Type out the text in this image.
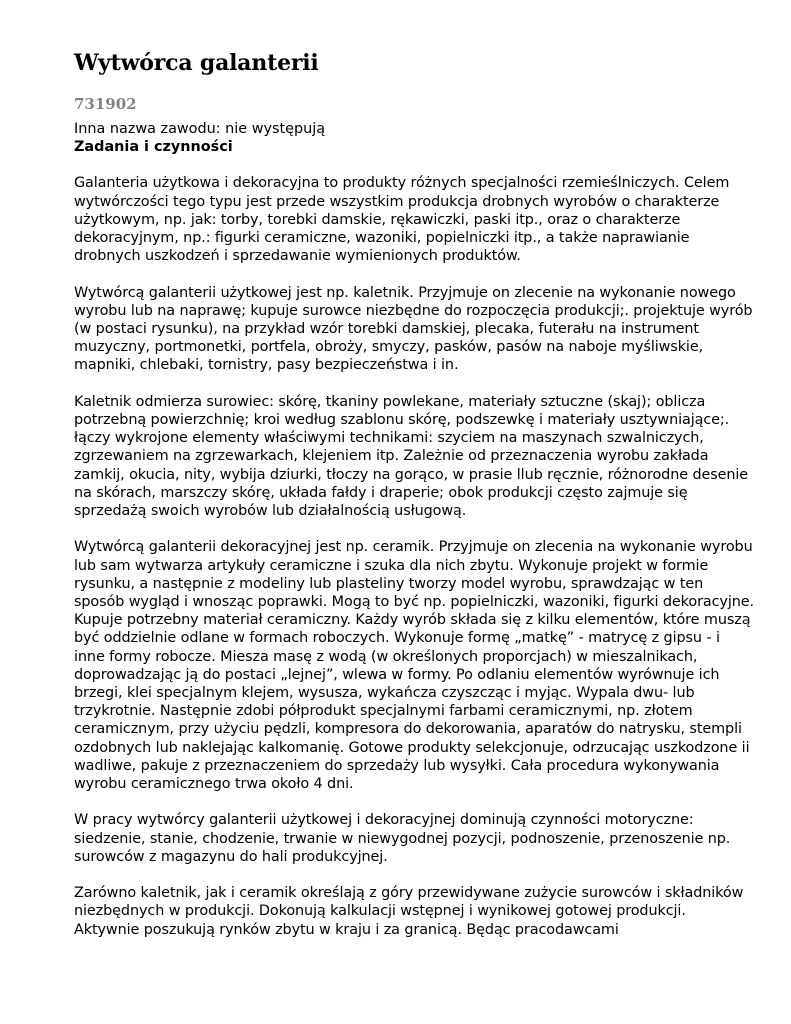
Wytwórca galanterii
731902
Inna nazwa zawodu: nie występują
Zadania i czynności

Galanteria użytkowa i dekoracyjna to produkty różnych specjalności rzemieślniczych. Celem wytwórczości tego typu jest przede wszystkim produkcja drobnych wyrobów o charakterze użytkowym, np. jak: torby, torebki damskie, rękawiczki, paski itp., oraz o charakterze dekoracyjnym, np.: figurki ceramiczne, wazoniki, popielniczki itp., a także naprawianie drobnych uszkodzeń i sprzedawanie wymienionych produktów.

Wytwórcą galanterii użytkowej jest np. kaletnik. Przyjmuje on zlecenie na wykonanie nowego wyrobu lub na naprawę; kupuje surowce niezbędne do rozpoczęcia produkcji;. projektuje wyrób (w postaci rysunku), na przykład wzór torebki damskiej, plecaka, futerału na instrument muzyczny, portmonetki, portfela, obroży, smyczy, pasków, pasów na naboje myśliwskie, mapniki, chlebaki, tornistry, pasy bezpieczeństwa i in.

Kaletnik odmierza surowiec: skórę, tkaniny powlekane, materiały sztuczne (skaj); oblicza potrzebną powierzchnię; kroi według szablonu skórę, podszewkę i materiały usztywniające;. łączy wykrojone elementy właściwymi technikami: szyciem na maszynach szwalniczych, zgrzewaniem na zgrzewarkach, klejeniem itp. Zależnie od przeznaczenia wyrobu zakłada zamkij, okucia, nity, wybija dziurki, tłoczy na gorąco, w prasie llub ręcznie, różnorodne desenie na skórach, marszczy skórę, układa fałdy i draperie; obok produkcji często zajmuje się sprzedażą swoich wyrobów lub działalnością usługową.

Wytwórcą galanterii dekoracyjnej jest np. ceramik. Przyjmuje on zlecenia na wykonanie wyrobu lub sam wytwarza artykuły ceramiczne i szuka dla nich zbytu. Wykonuje projekt w formie rysunku, a następnie z modeliny lub plasteliny tworzy model wyrobu, sprawdzając w ten sposób wygląd i wnosząc poprawki. Mogą to być np. popielniczki, wazoniki, figurki dekoracyjne. Kupuje potrzebny materiał ceramiczny. Każdy wyrób składa się z kilku elementów, które muszą być oddzielnie odlane w formach roboczych. Wykonuje formę „matkę” - matrycę z gipsu - i inne formy robocze. Miesza masę z wodą (w określonych proporcjach) w mieszalnikach, doprowadzając ją do postaci „lejnej”, wlewa w formy. Po odlaniu elementów wyrównuje ich brzegi, klei specjalnym klejem, wysusza, wykańcza czyszcząc i myjąc. Wypala dwu- lub trzykrotnie. Następnie zdobi półprodukt specjalnymi farbami ceramicznymi, np. złotem ceramicznym, przy użyciu pędzli, kompresora do dekorowania, aparatów do natrysku, stempli ozdobnych lub naklejając kalkomanię. Gotowe produkty selekcjonuje, odrzucając uszkodzone ii wadliwe, pakuje z przeznaczeniem do sprzedaży lub wysyłki. Cała procedura wykonywania wyrobu ceramicznego trwa około 4 dni.

W pracy wytwórcy galanterii użytkowej i dekoracyjnej dominują czynności motoryczne: siedzenie, stanie, chodzenie, trwanie w niewygodnej pozycji, podnoszenie, przenoszenie np. surowców z magazynu do hali produkcyjnej.

Zarówno kaletnik, jak i ceramik określają z góry przewidywane zużycie surowców i składników niezbędnych w produkcji. Dokonują kalkulacji wstępnej i wynikowej gotowej produkcji. Aktywnie poszukują rynków zbytu w kraju i za granicą. Będąc pracodawcami
